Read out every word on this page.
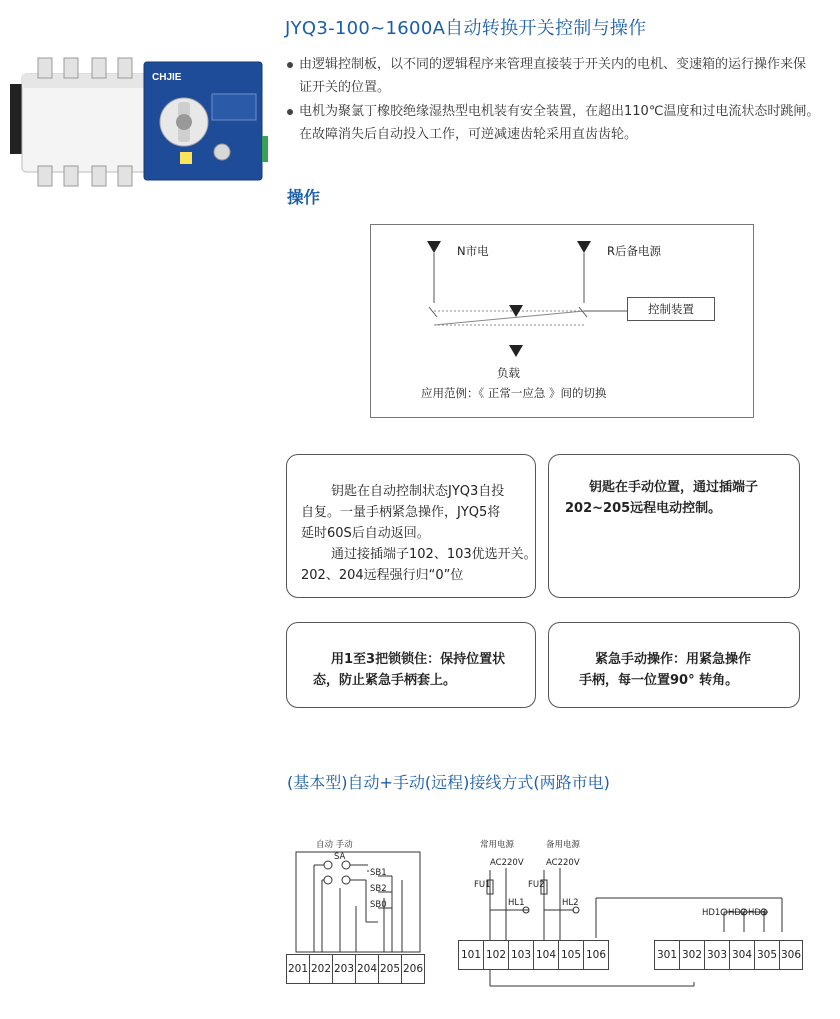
CHJIE
JYQ3-100~1600A自动转换开关控制与操作
由逻辑控制板，以不同的逻辑程序来管理直接装于开关内的电机、变速箱的运行操作来保
证开关的位置。
电机为聚氯丁橡胶绝缘湿热型电机装有安全装置，在超出110℃温度和过电流状态时跳闸。
在故障消失后自动投入工作，可逆减速齿轮采用直齿齿轮。
操作
N市电	R后备电源
控制装置
负载
应用范例：《 正常一应急 》间的切换

钥匙在自动控制状态JYQ3自投

自复。一量手柄紧急操作，JYQ5将

延时60S后自动返回。

通过接插端子102、103优选开关。

202、204远程强行归“0”位

钥匙在手动位置，通过插端子

202~205远程电动控制。

用1至3把锁锁住：保持位置状

态，防止紧急手柄套上。

紧急手动操作：用紧急操作

手柄，每一位置90° 转角。

(基本型)自动+手动(远程)接线方式(两路市电)
自动 手动
SA
SB1
SB2
SB0
常用电源	备用电源
AC220V	AC220V
FU1	FU2
HL1	HL2
HD1 HD2 HD3
201 202 203 204 205 206
101 102 103 104 105 106	301 302 303 304 305 306
